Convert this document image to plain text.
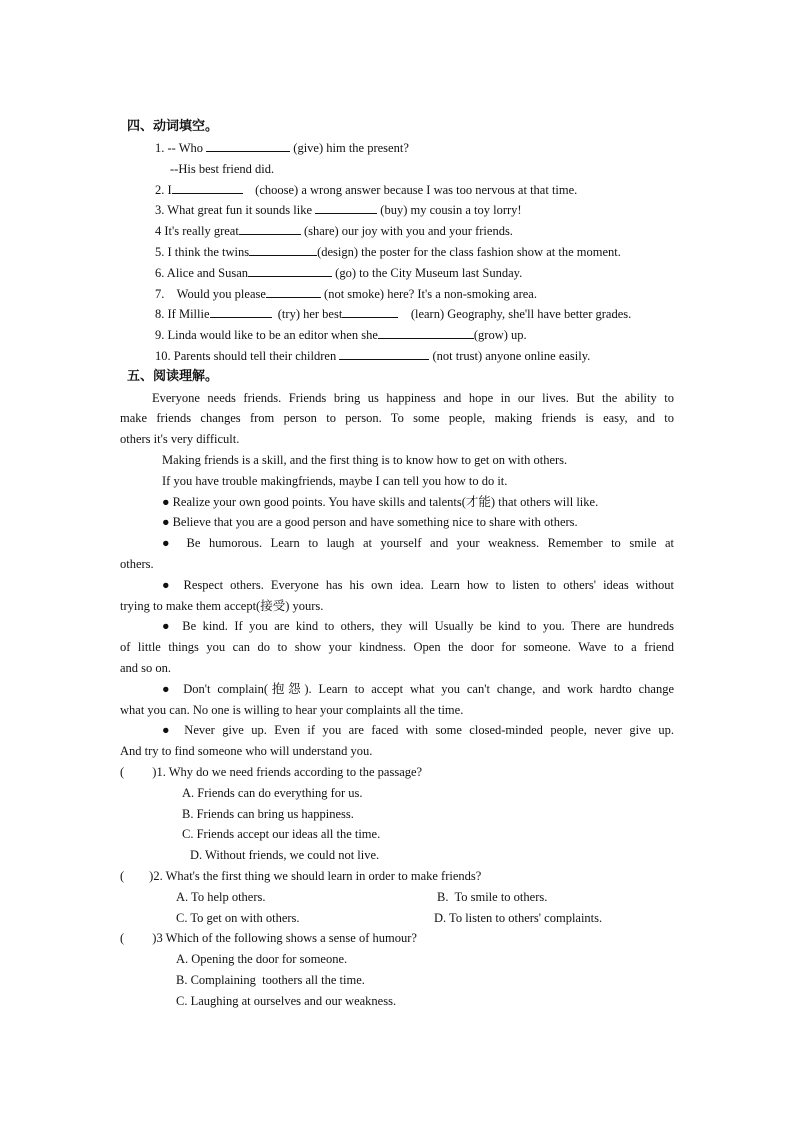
四、动词填空。
1. -- Who	(give) him the present?
--His best friend did.
2. I	(choose) a wrong answer because I was too nervous at that time.
3. What great fun it sounds like	(buy) my cousin a toy lorry!
4 It's really great	(share) our joy with you and your friends.
5. I think the twins	(design) the poster for the class fashion show at the moment.
6. Alice and Susan	(go) to the City Museum last Sunday.
7.    Would you please	(not smoke) here? It's a non-smoking area.
8. If Millie	(try) her best	(learn) Geography, she'll have better grades.
9. Linda would like to be an editor when she	(grow) up.
10. Parents should tell their children	(not trust) anyone online easily.
五、阅读理解。
Everyone needs friends. Friends bring us happiness and hope in our lives. But the ability to
make friends changes from person to person. To some people, making friends is easy, and to
others it's very difficult.
Making friends is a skill, and the first thing is to know how to get on with others.
If you have trouble makingfriends, maybe I can tell you how to do it.
● Realize your own good points. You have skills and talents(才能) that others will like.
● Believe that you are a good person and have something nice to share with others.
● Be humorous. Learn to laugh at yourself and your weakness. Remember to smile at
others.
● Respect others. Everyone has his own idea. Learn how to listen to others' ideas without
trying to make them accept(接受) yours.
● Be kind. If you are kind to others, they will Usually be kind to you. There are hundreds
of little things you can do to show your kindness. Open the door for someone. Wave to a friend
and so on.
● Don't complain(抱怨). Learn to accept what you can't change, and work hardto change
what you can. No one is willing to hear your complaints all the time.
● Never give up. Even if you are faced with some closed-minded people, never give up.
And try to find someone who will understand you.
(         )1. Why do we need friends according to the passage?
A. Friends can do everything for us.
B. Friends can bring us happiness.
C. Friends accept our ideas all the time.
D. Without friends, we could not live.
(        )2. What's the first thing we should learn in order to make friends?
A. To help others.	B.  To smile to others.
C. To get on with others.	D. To listen to others' complaints.
(         )3 Which of the following shows a sense of humour?
A. Opening the door for someone.
B. Complaining  toothers all the time.
C. Laughing at ourselves and our weakness.
